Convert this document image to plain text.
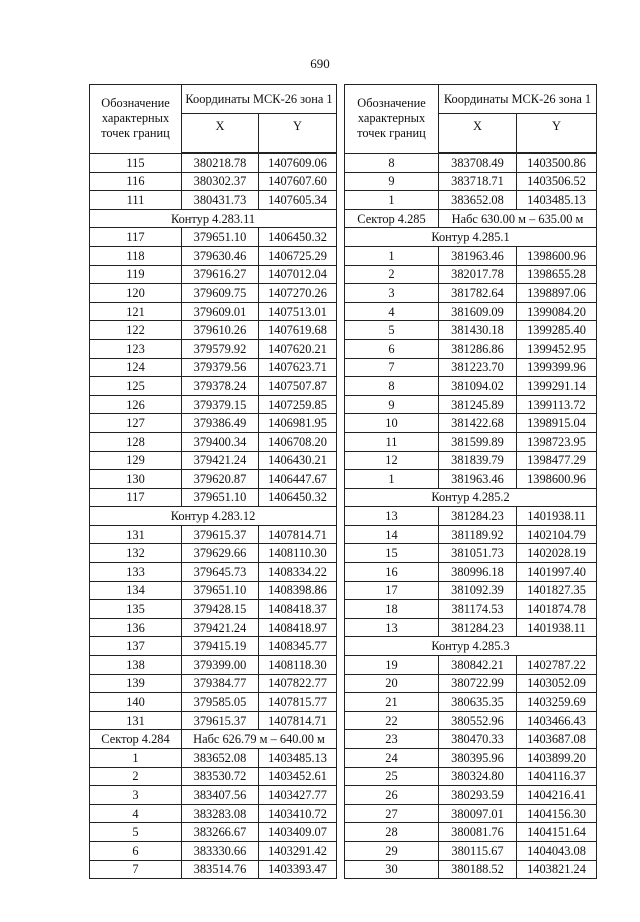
690
Обозначение характерных точек границ	Координаты МСК-26 зона 1	
	X	Y
115	380218.78	1407609.06
116	380302.37	1407607.60
111	380431.73	1407605.34
Контур 4.283.11		
117	379651.10	1406450.32
118	379630.46	1406725.29
119	379616.27	1407012.04
120	379609.75	1407270.26
121	379609.01	1407513.01
122	379610.26	1407619.68
123	379579.92	1407620.21
124	379379.56	1407623.71
125	379378.24	1407507.87
126	379379.15	1407259.85
127	379386.49	1406981.95
128	379400.34	1406708.20
129	379421.24	1406430.21
130	379620.87	1406447.67
117	379651.10	1406450.32
Контур 4.283.12		
131	379615.37	1407814.71
132	379629.66	1408110.30
133	379645.73	1408334.22
134	379651.10	1408398.86
135	379428.15	1408418.37
136	379421.24	1408418.97
137	379415.19	1408345.77
138	379399.00	1408118.30
139	379384.77	1407822.77
140	379585.05	1407815.77
131	379615.37	1407814.71
Сектор 4.284	Набс 626.79 м – 640.00 м	
1	383652.08	1403485.13
2	383530.72	1403452.61
3	383407.56	1403427.77
4	383283.08	1403410.72
5	383266.67	1403409.07
6	383330.66	1403291.42
7	383514.76	1403393.47
Обозначение характерных точек границ	Координаты МСК-26 зона 1	
	X	Y
8	383708.49	1403500.86
9	383718.71	1403506.52
1	383652.08	1403485.13
Сектор 4.285	Набс 630.00 м – 635.00 м	
Контур 4.285.1		
1	381963.46	1398600.96
2	382017.78	1398655.28
3	381782.64	1398897.06
4	381609.09	1399084.20
5	381430.18	1399285.40
6	381286.86	1399452.95
7	381223.70	1399399.96
8	381094.02	1399291.14
9	381245.89	1399113.72
10	381422.68	1398915.04
11	381599.89	1398723.95
12	381839.79	1398477.29
1	381963.46	1398600.96
Контур 4.285.2		
13	381284.23	1401938.11
14	381189.92	1402104.79
15	381051.73	1402028.19
16	380996.18	1401997.40
17	381092.39	1401827.35
18	381174.53	1401874.78
13	381284.23	1401938.11
Контур 4.285.3		
19	380842.21	1402787.22
20	380722.99	1403052.09
21	380635.35	1403259.69
22	380552.96	1403466.43
23	380470.33	1403687.08
24	380395.96	1403899.20
25	380324.80	1404116.37
26	380293.59	1404216.41
27	380097.01	1404156.30
28	380081.76	1404151.64
29	380115.67	1404043.08
30	380188.52	1403821.24
